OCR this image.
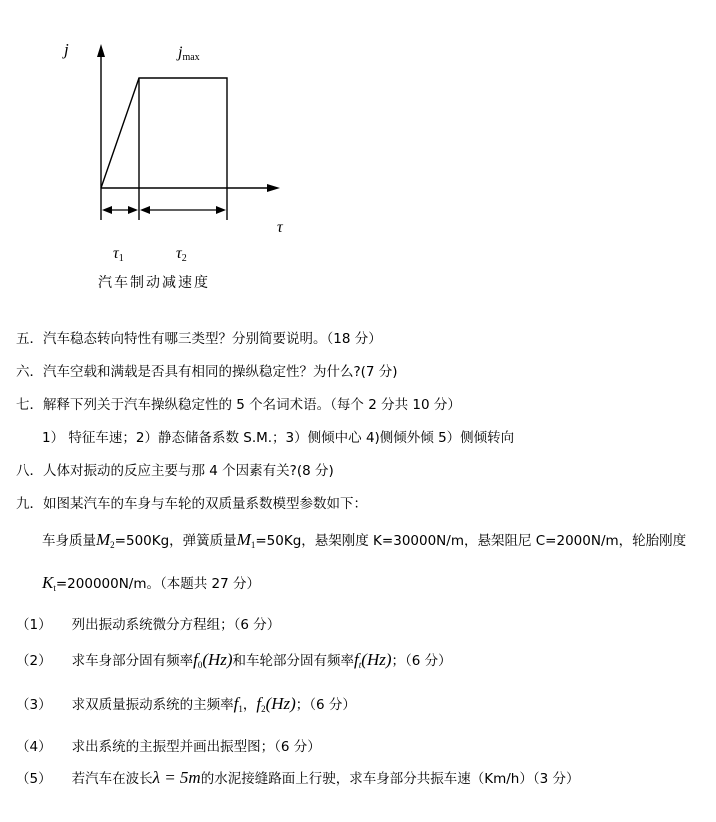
j	jmax
τ
τ1	τ2
汽车制动减速度
五．汽车稳态转向特性有哪三类型？分别简要说明。（18 分）
六．汽车空载和满载是否具有相同的操纵稳定性？为什么?(7 分)
七．解释下列关于汽车操纵稳定性的 5 个名词术语。（每个 2 分共 10 分）
1） 特征车速；2）静态储备系数 S.M.；3）侧倾中心 4)侧倾外倾 5）侧倾转向
八．人体对振动的反应主要与那 4 个因素有关?(8 分)
九．如图某汽车的车身与车轮的双质量系数模型参数如下：
车身质量$M_2=500Kg$，弹簧质量$M_1=50Kg$，悬架刚度 K=30000N/m，悬架阻尼 C=2000N/m，轮胎刚度
$K_t=200000N/m$。（本题共 27 分）
（1） 列出振动系统微分方程组；（6 分）
（2） 求车身部分固有频率$f_0(Hz)$和车轮部分固有频率$f_t(Hz)$；（6 分）
（3） 求双质量振动系统的主频率$f_1$，$f_2(Hz)$；（6 分）
（4） 求出系统的主振型并画出振型图；（6 分）
（5） 若汽车在波长λ = 5m的水泥接缝路面上行驶，求车身部分共振车速（Km/h）（3 分）
